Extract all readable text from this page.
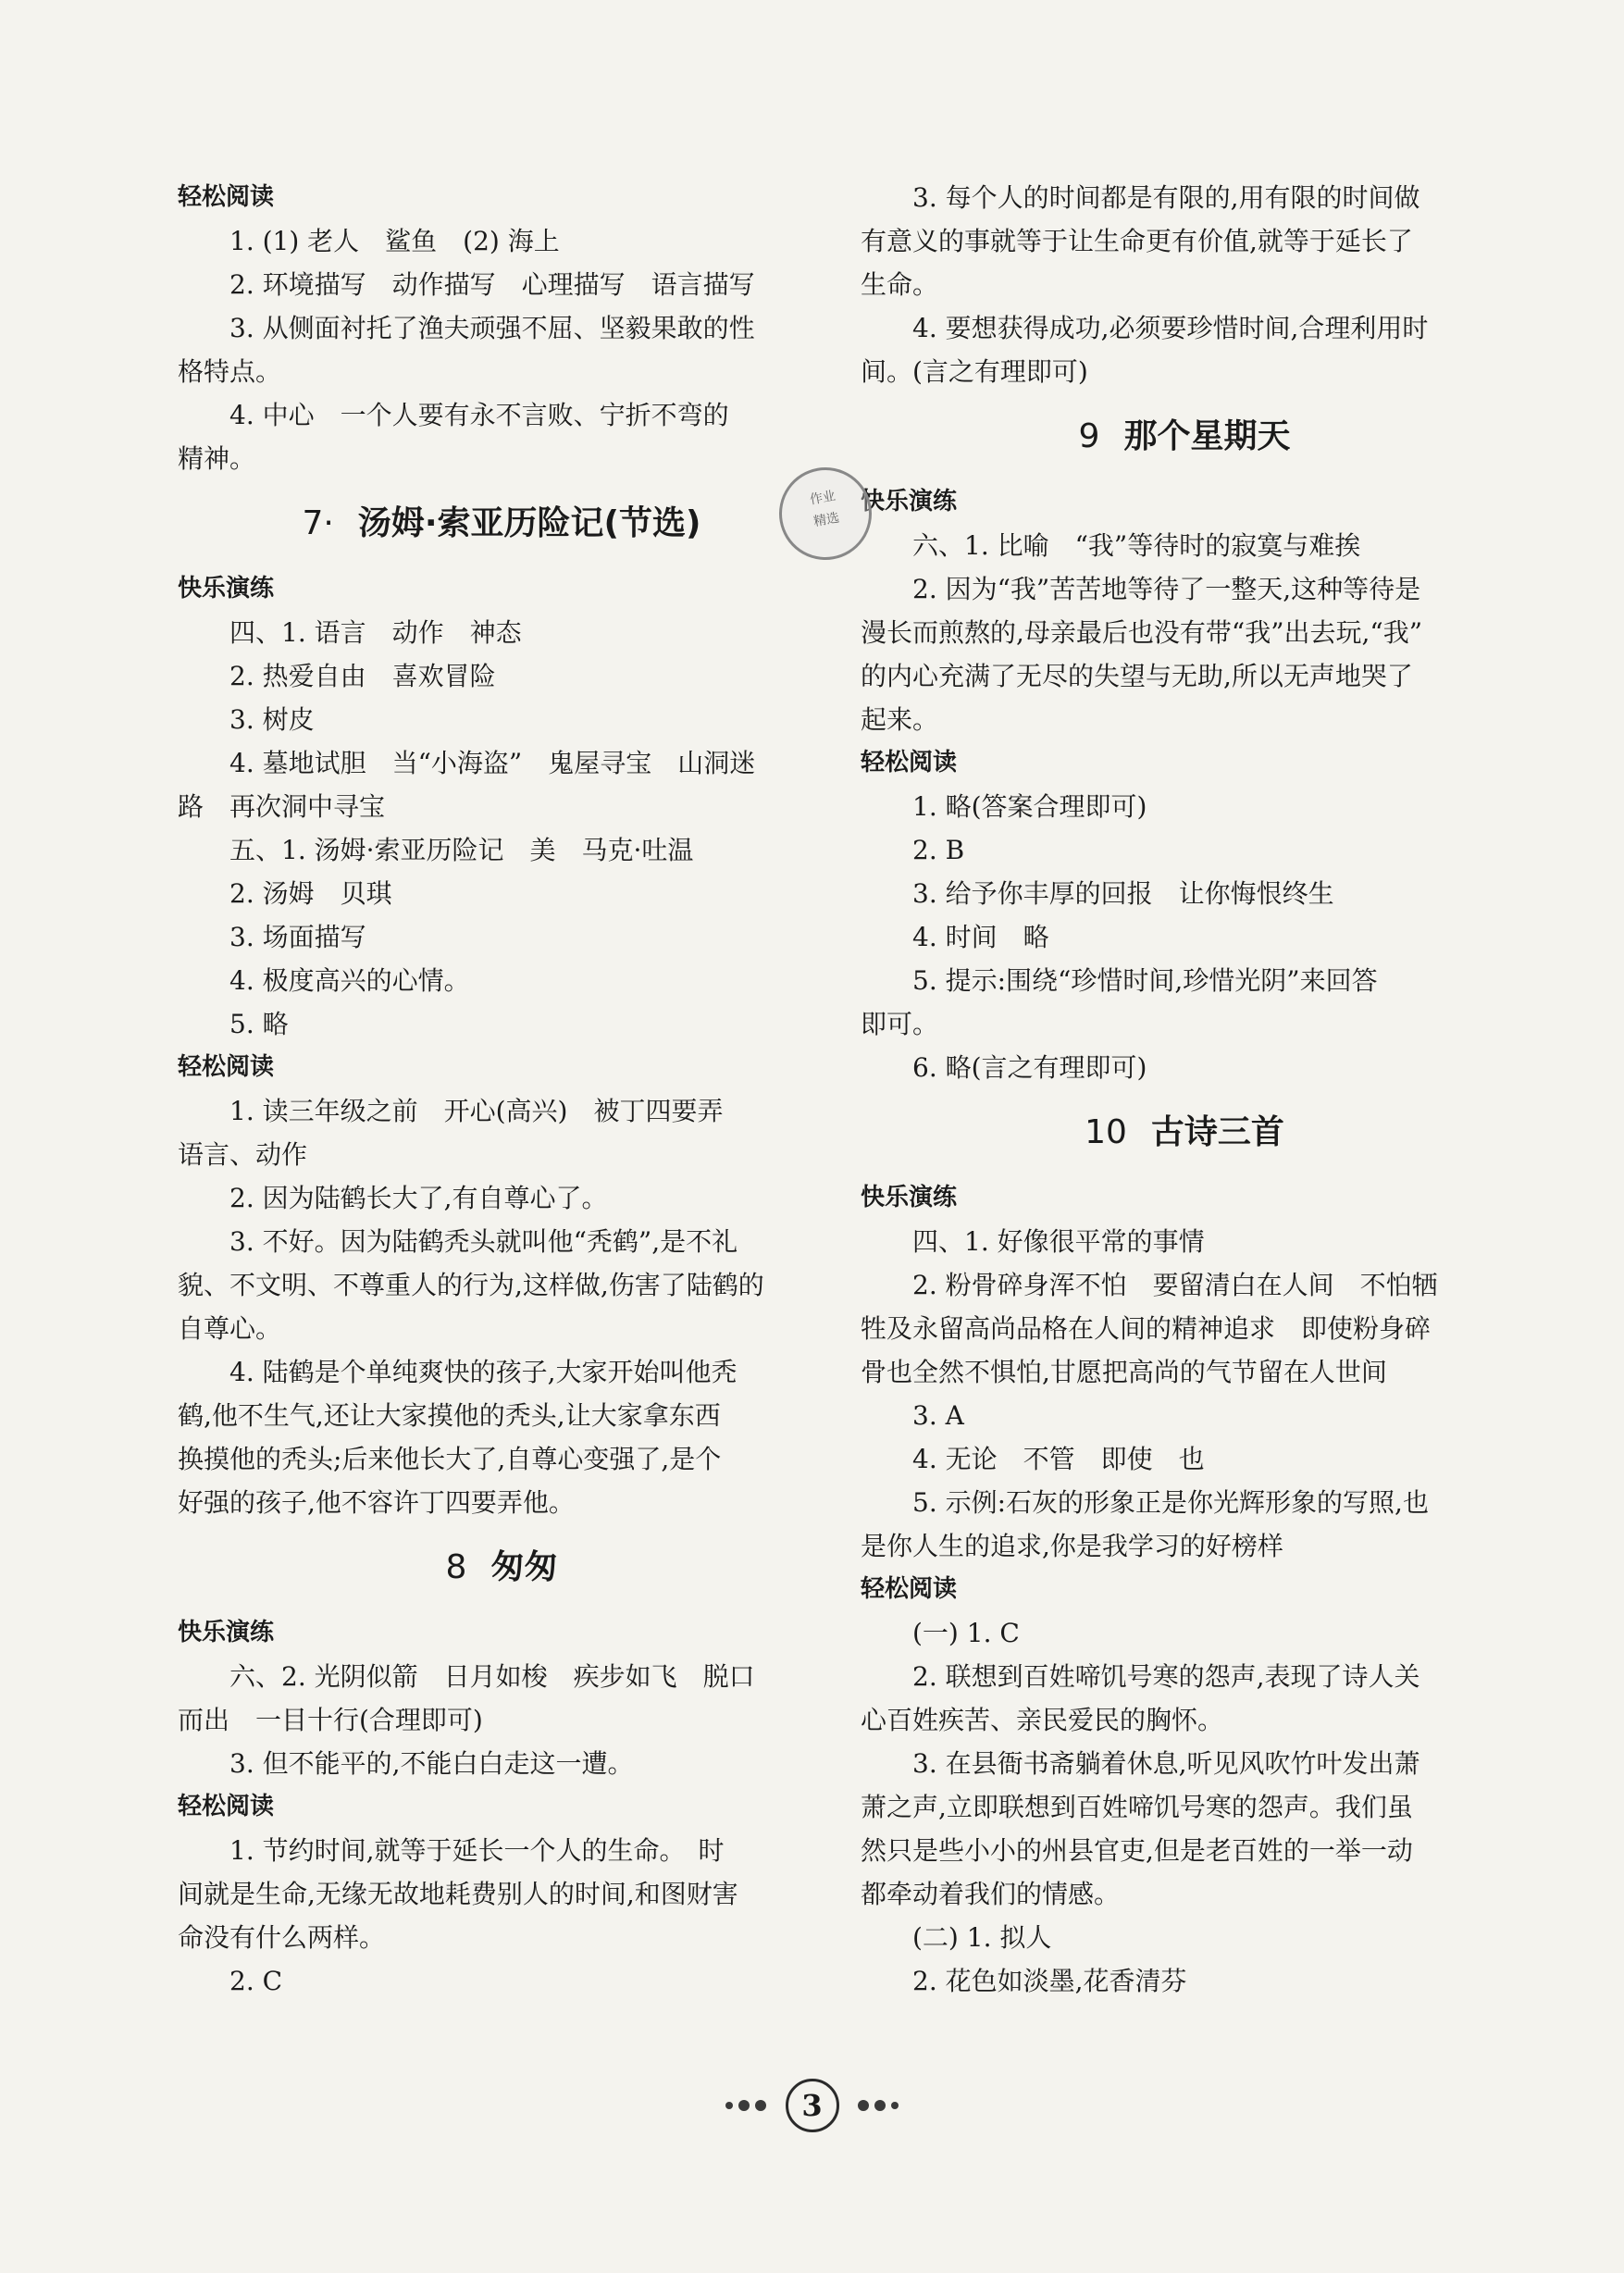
轻松阅读
1. (1) 老人　鲨鱼　(2) 海上
2. 环境描写　动作描写　心理描写　语言描写
3. 从侧面衬托了渔夫顽强不屈、坚毅果敢的性
格特点。
4. 中心　一个人要有永不言败、宁折不弯的
精神。
7· 汤姆·索亚历险记(节选)
快乐演练
四、1. 语言　动作　神态
2. 热爱自由　喜欢冒险
3. 树皮
4. 墓地试胆　当“小海盗”　鬼屋寻宝　山洞迷
路　再次洞中寻宝
五、1. 汤姆·索亚历险记　美　马克·吐温
2. 汤姆　贝琪
3. 场面描写
4. 极度高兴的心情。
5. 略
轻松阅读
1. 读三年级之前　开心(高兴)　被丁四要弄
语言、动作
2. 因为陆鹤长大了,有自尊心了。
3. 不好。因为陆鹤秃头就叫他“秃鹤”,是不礼
貌、不文明、不尊重人的行为,这样做,伤害了陆鹤的
自尊心。
4. 陆鹤是个单纯爽快的孩子,大家开始叫他秃
鹤,他不生气,还让大家摸他的秃头,让大家拿东西
换摸他的秃头;后来他长大了,自尊心变强了,是个
好强的孩子,他不容许丁四要弄他。
8 匆匆
快乐演练
六、2. 光阴似箭　日月如梭　疾步如飞　脱口
而出　一目十行(合理即可)
3. 但不能平的,不能白白走这一遭。
轻松阅读
1. 节约时间,就等于延长一个人的生命。　时
间就是生命,无缘无故地耗费别人的时间,和图财害
命没有什么两样。
2. C
3. 每个人的时间都是有限的,用有限的时间做
有意义的事就等于让生命更有价值,就等于延长了
生命。
4. 要想获得成功,必须要珍惜时间,合理利用时
间。(言之有理即可)
9 那个星期天
快乐演练
六、1. 比喻　“我”等待时的寂寞与难挨
2. 因为“我”苦苦地等待了一整天,这种等待是
漫长而煎熬的,母亲最后也没有带“我”出去玩,“我”
的内心充满了无尽的失望与无助,所以无声地哭了
起来。
轻松阅读
1. 略(答案合理即可)
2. B
3. 给予你丰厚的回报　让你悔恨终生
4. 时间　略
5. 提示:围绕“珍惜时间,珍惜光阴”来回答
即可。
6. 略(言之有理即可)
10 古诗三首
快乐演练
四、1. 好像很平常的事情
2. 粉骨碎身浑不怕　要留清白在人间　不怕牺
牲及永留高尚品格在人间的精神追求　即使粉身碎
骨也全然不惧怕,甘愿把高尚的气节留在人世间
3. A
4. 无论　不管　即使　也
5. 示例:石灰的形象正是你光辉形象的写照,也
是你人生的追求,你是我学习的好榜样
轻松阅读
(一) 1. C
2. 联想到百姓啼饥号寒的怨声,表现了诗人关
心百姓疾苦、亲民爱民的胸怀。
3. 在县衙书斋躺着休息,听见风吹竹叶发出萧
萧之声,立即联想到百姓啼饥号寒的怨声。我们虽
然只是些小小的州县官吏,但是老百姓的一举一动
都牵动着我们的情感。
(二) 1. 拟人
2. 花色如淡墨,花香清芬
作业
精选
3
